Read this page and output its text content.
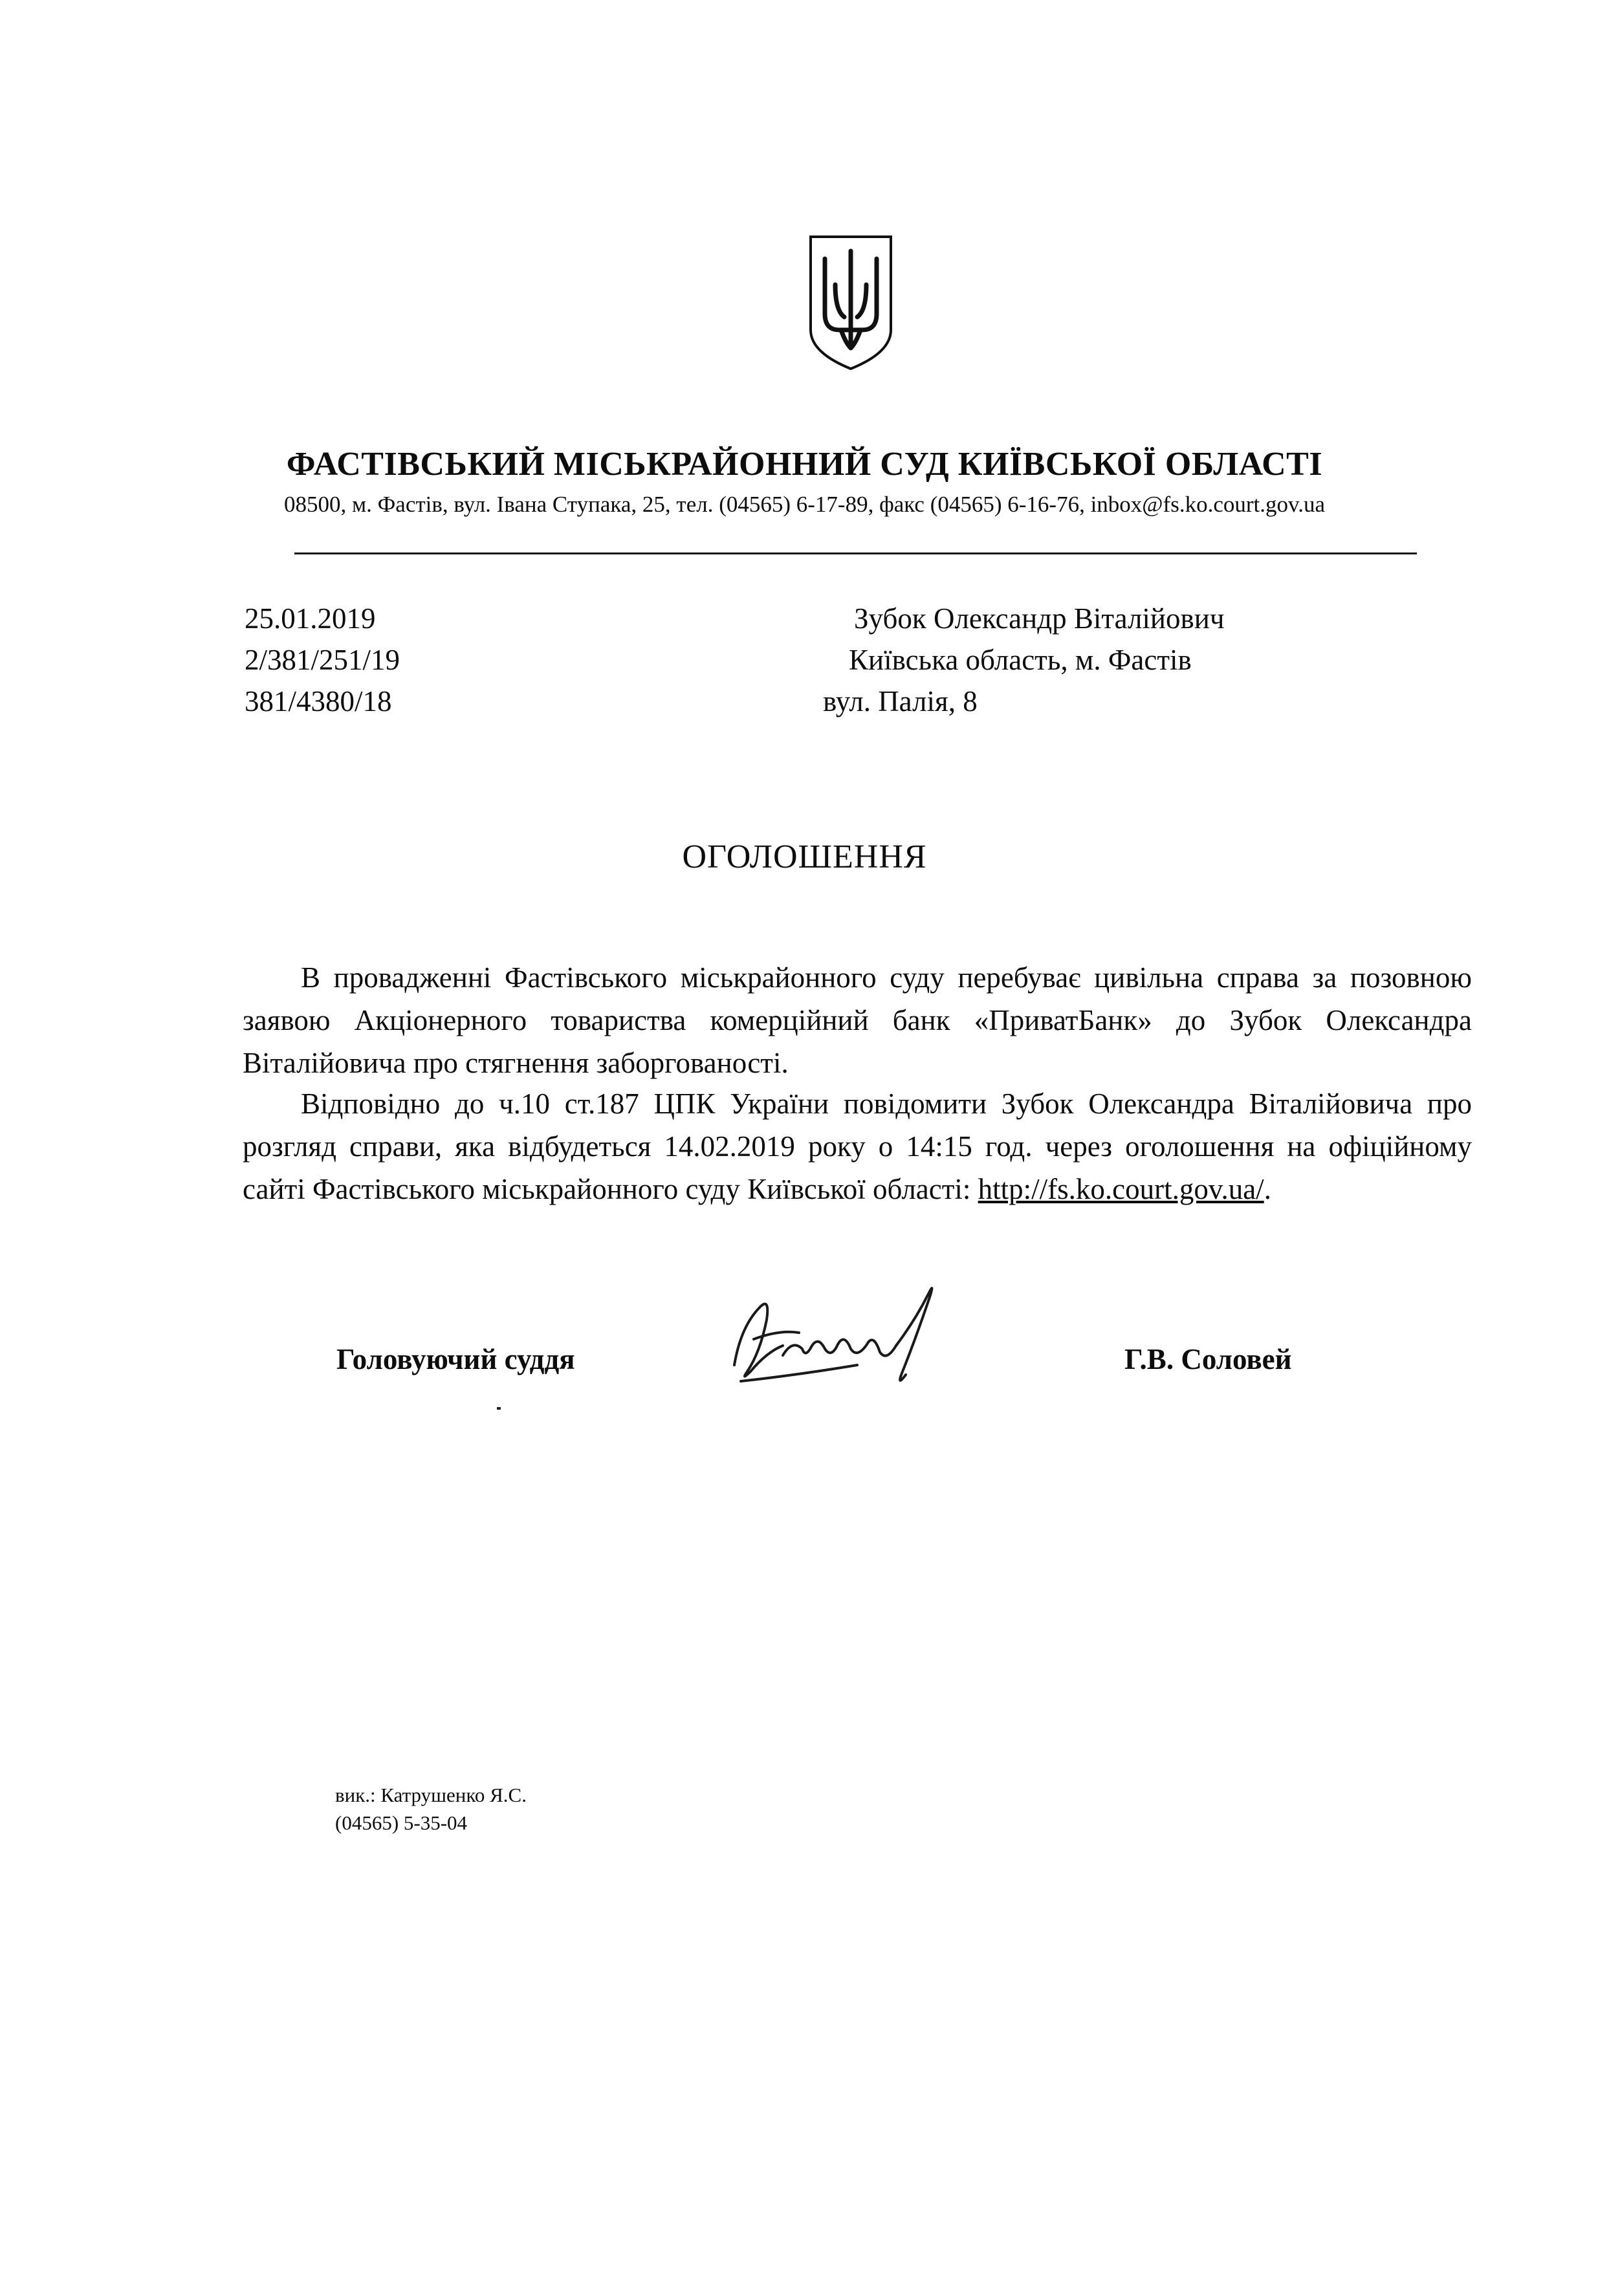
ФАСТІВСЬКИЙ МІСЬКРАЙОННИЙ СУД КИЇВСЬКОЇ ОБЛАСТІ
08500, м. Фастів, вул. Івана Ступака, 25, тел. (04565) 6-17-89, факс (04565) 6-16-76, inbox@fs.ko.court.gov.ua
25.01.2019
2/381/251/19
381/4380/18
Зубок Олександр Віталійович
Київська область, м. Фастів
вул. Палія, 8
ОГОЛОШЕННЯ
В провадженні Фастівського міськрайонного суду перебуває цивільна справа за позовною заявою Акціонерного товариства комерційний банк «ПриватБанк» до Зубок Олександра Віталійовича про стягнення заборгованості.
Відповідно до ч.10 ст.187 ЦПК України повідомити Зубок Олександра Віталійовича про розгляд справи, яка відбудеться 14.02.2019 року о 14:15 год. через оголошення на офіційному сайті Фастівського міськрайонного суду Київської області: http://fs.ko.court.gov.ua/.
Головуючий суддя	Г.В. Соловей
вик.: Катрушенко Я.С.
(04565) 5-35-04
